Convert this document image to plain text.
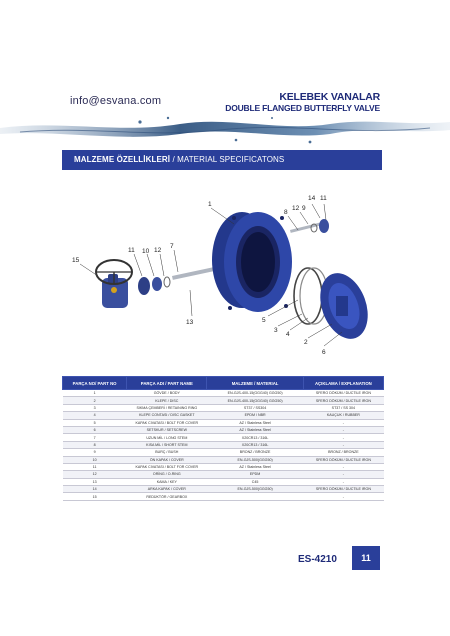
info@esvana.com	KELEBEK VANALAR
DOUBLE FLANGED BUTTERFLY VALVE
MALZEME ÖZELLİKLERİ / MATERIAL SPECIFICATONS
1
14 11
12 9
8
11 10 12
7
15
13	5
3
4
2
6
PARÇA NO/ PART NO	PARÇA ADI / PART NAME	MALZEME / MATERIAL	AÇIKLAMA / EXPLANATION
1	GÖVDE / BODY	EN-GJS-400-15(GGG40) GGG50)	SFERO DÖKÜM / DUCTILE IRON
2	KLEPE / DISC	EN-GJS-400-15(GGG40) GGG50)	SFERO DÖKÜM / DUCTILE IRON
3	SIKMA ÇEMBERİ / RETAINING RING	ST37 / SS304	ST37 / SS 304
4	KLEPE CONTASI / DISC GASKET	EPDM / NBR	KAUÇUK / RUBBER
5	KAPAK CIVATASI / BOLT FOR COVER	AZ / Stainless Steel	-
6	SETSKUR / SETSCREW	AZ / Stainless Steel	-
7	UZUN MİL / LONG STEM	X20CR13 / 316L	-
8	KISA MİL / SHORT STEM	X20CR13 / 316L	-
9	BURÇ / BUSH	BRONZ / BRONZE	BRONZ / BRONZE
10	ÖN KAPAK / COVER	EN-GJS-500(GGG50)	SFERO DÖKÜM / DUCTILE IRON
11	KAPAK CIVATASI / BOLT FOR COVER	AZ / Stainless Steel	-
12	ORİNG / O-RING	EPDM	-
13	KAMA / KEY	C45	-
14	ARKA KAPAK / COVER	EN-GJS-500(GGG50)	SFERO DÖKÜM / DUCTILE IRON
15	REDÜKTÖR / GEARBOX		-
ES-4210	11
